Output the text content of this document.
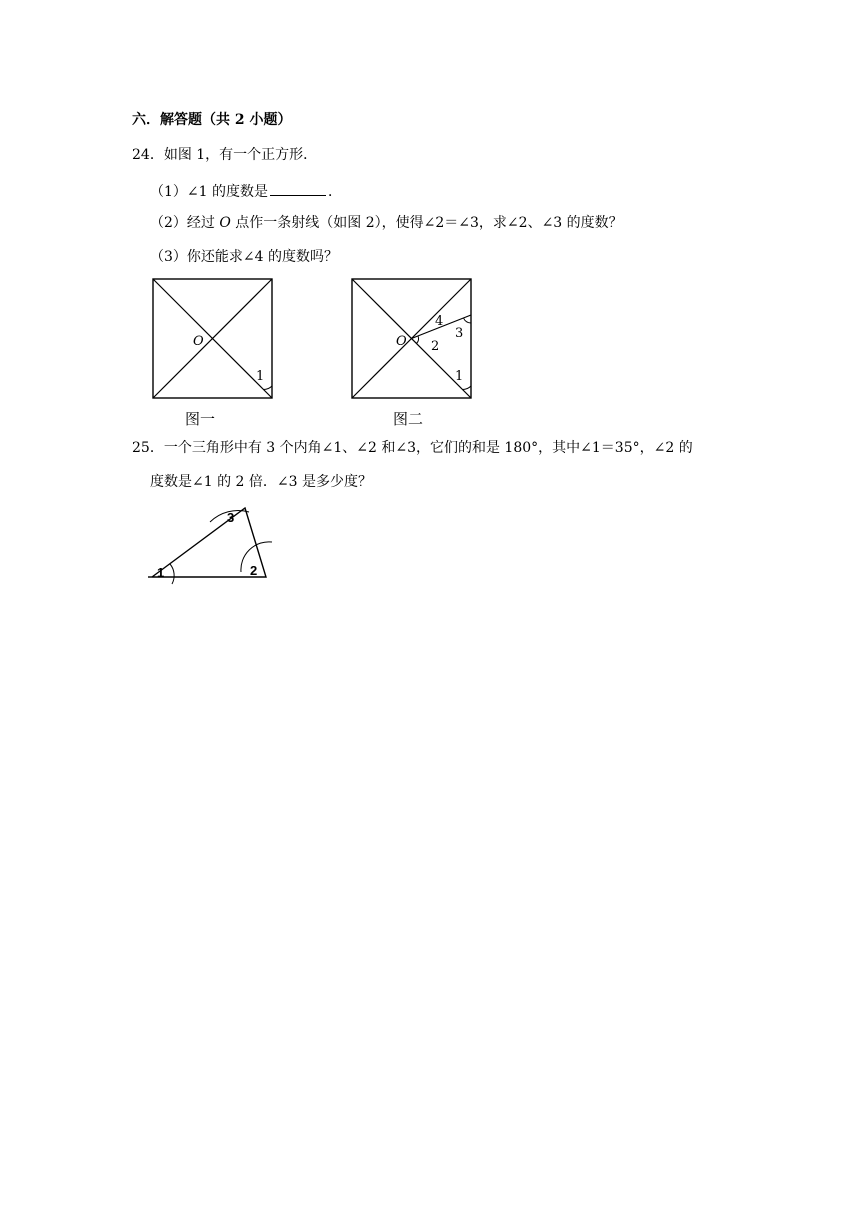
六．解答题（共 2 小题）
24．如图 1，有一个正方形．
（1）∠1 的度数是	．
（2）经过 O 点作一条射线（如图 2），使得∠2＝∠3，求∠2、∠3 的度数？
（3）你还能求∠4 的度数吗？
O
1
图一
O 2
3
4
1
图二
25．一个三角形中有 3 个内角∠1、∠2 和∠3，它们的和是 180°，其中∠1＝35°，∠2 的
度数是∠1 的 2 倍．∠3 是多少度？
1	2
3
